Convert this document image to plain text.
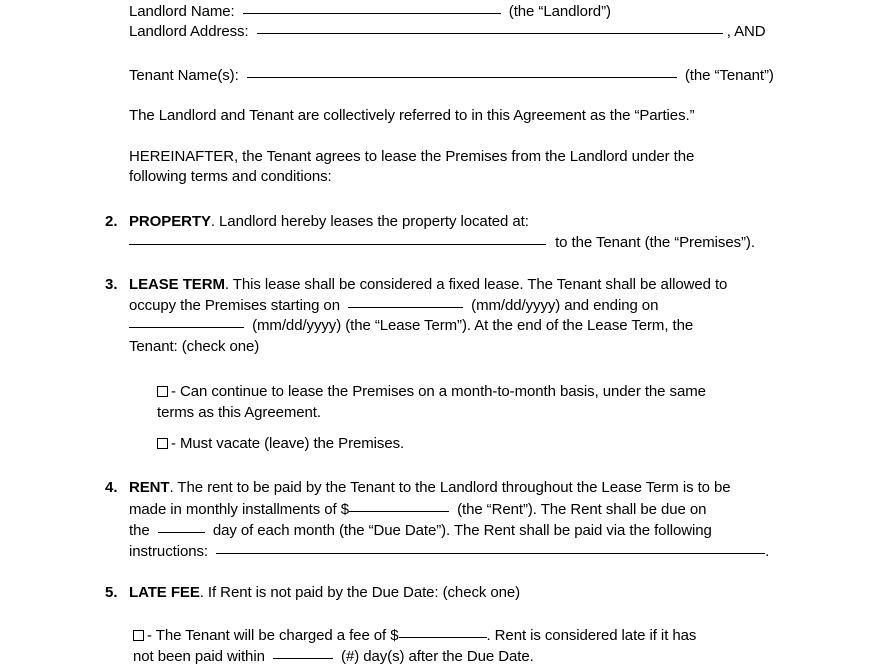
Landlord Name:	(the “Landlord”)
Landlord Address:	, AND
Tenant Name(s):	(the “Tenant”)
The Landlord and Tenant are collectively referred to in this Agreement as the “Parties.”
HEREINAFTER, the Tenant agrees to lease the Premises from the Landlord under the
following terms and conditions:
2. PROPERTY. Landlord hereby leases the property located at:
to the Tenant (the “Premises”).
3. LEASE TERM. This lease shall be considered a fixed lease. The Tenant shall be allowed to
occupy the Premises starting on	(mm/dd/yyyy) and ending on
(mm/dd/yyyy) (the “Lease Term”). At the end of the Lease Term, the
Tenant: (check one)
- Can continue to lease the Premises on a month-to-month basis, under the same
terms as this Agreement.
- Must vacate (leave) the Premises.
4. RENT. The rent to be paid by the Tenant to the Landlord throughout the Lease Term is to be
made in monthly installments of $	(the “Rent”). The Rent shall be due on
the	day of each month (the “Due Date”). The Rent shall be paid via the following
instructions:	.
5. LATE FEE. If Rent is not paid by the Due Date: (check one)
- The Tenant will be charged a fee of $	. Rent is considered late if it has
not been paid within	(#) day(s) after the Due Date.
